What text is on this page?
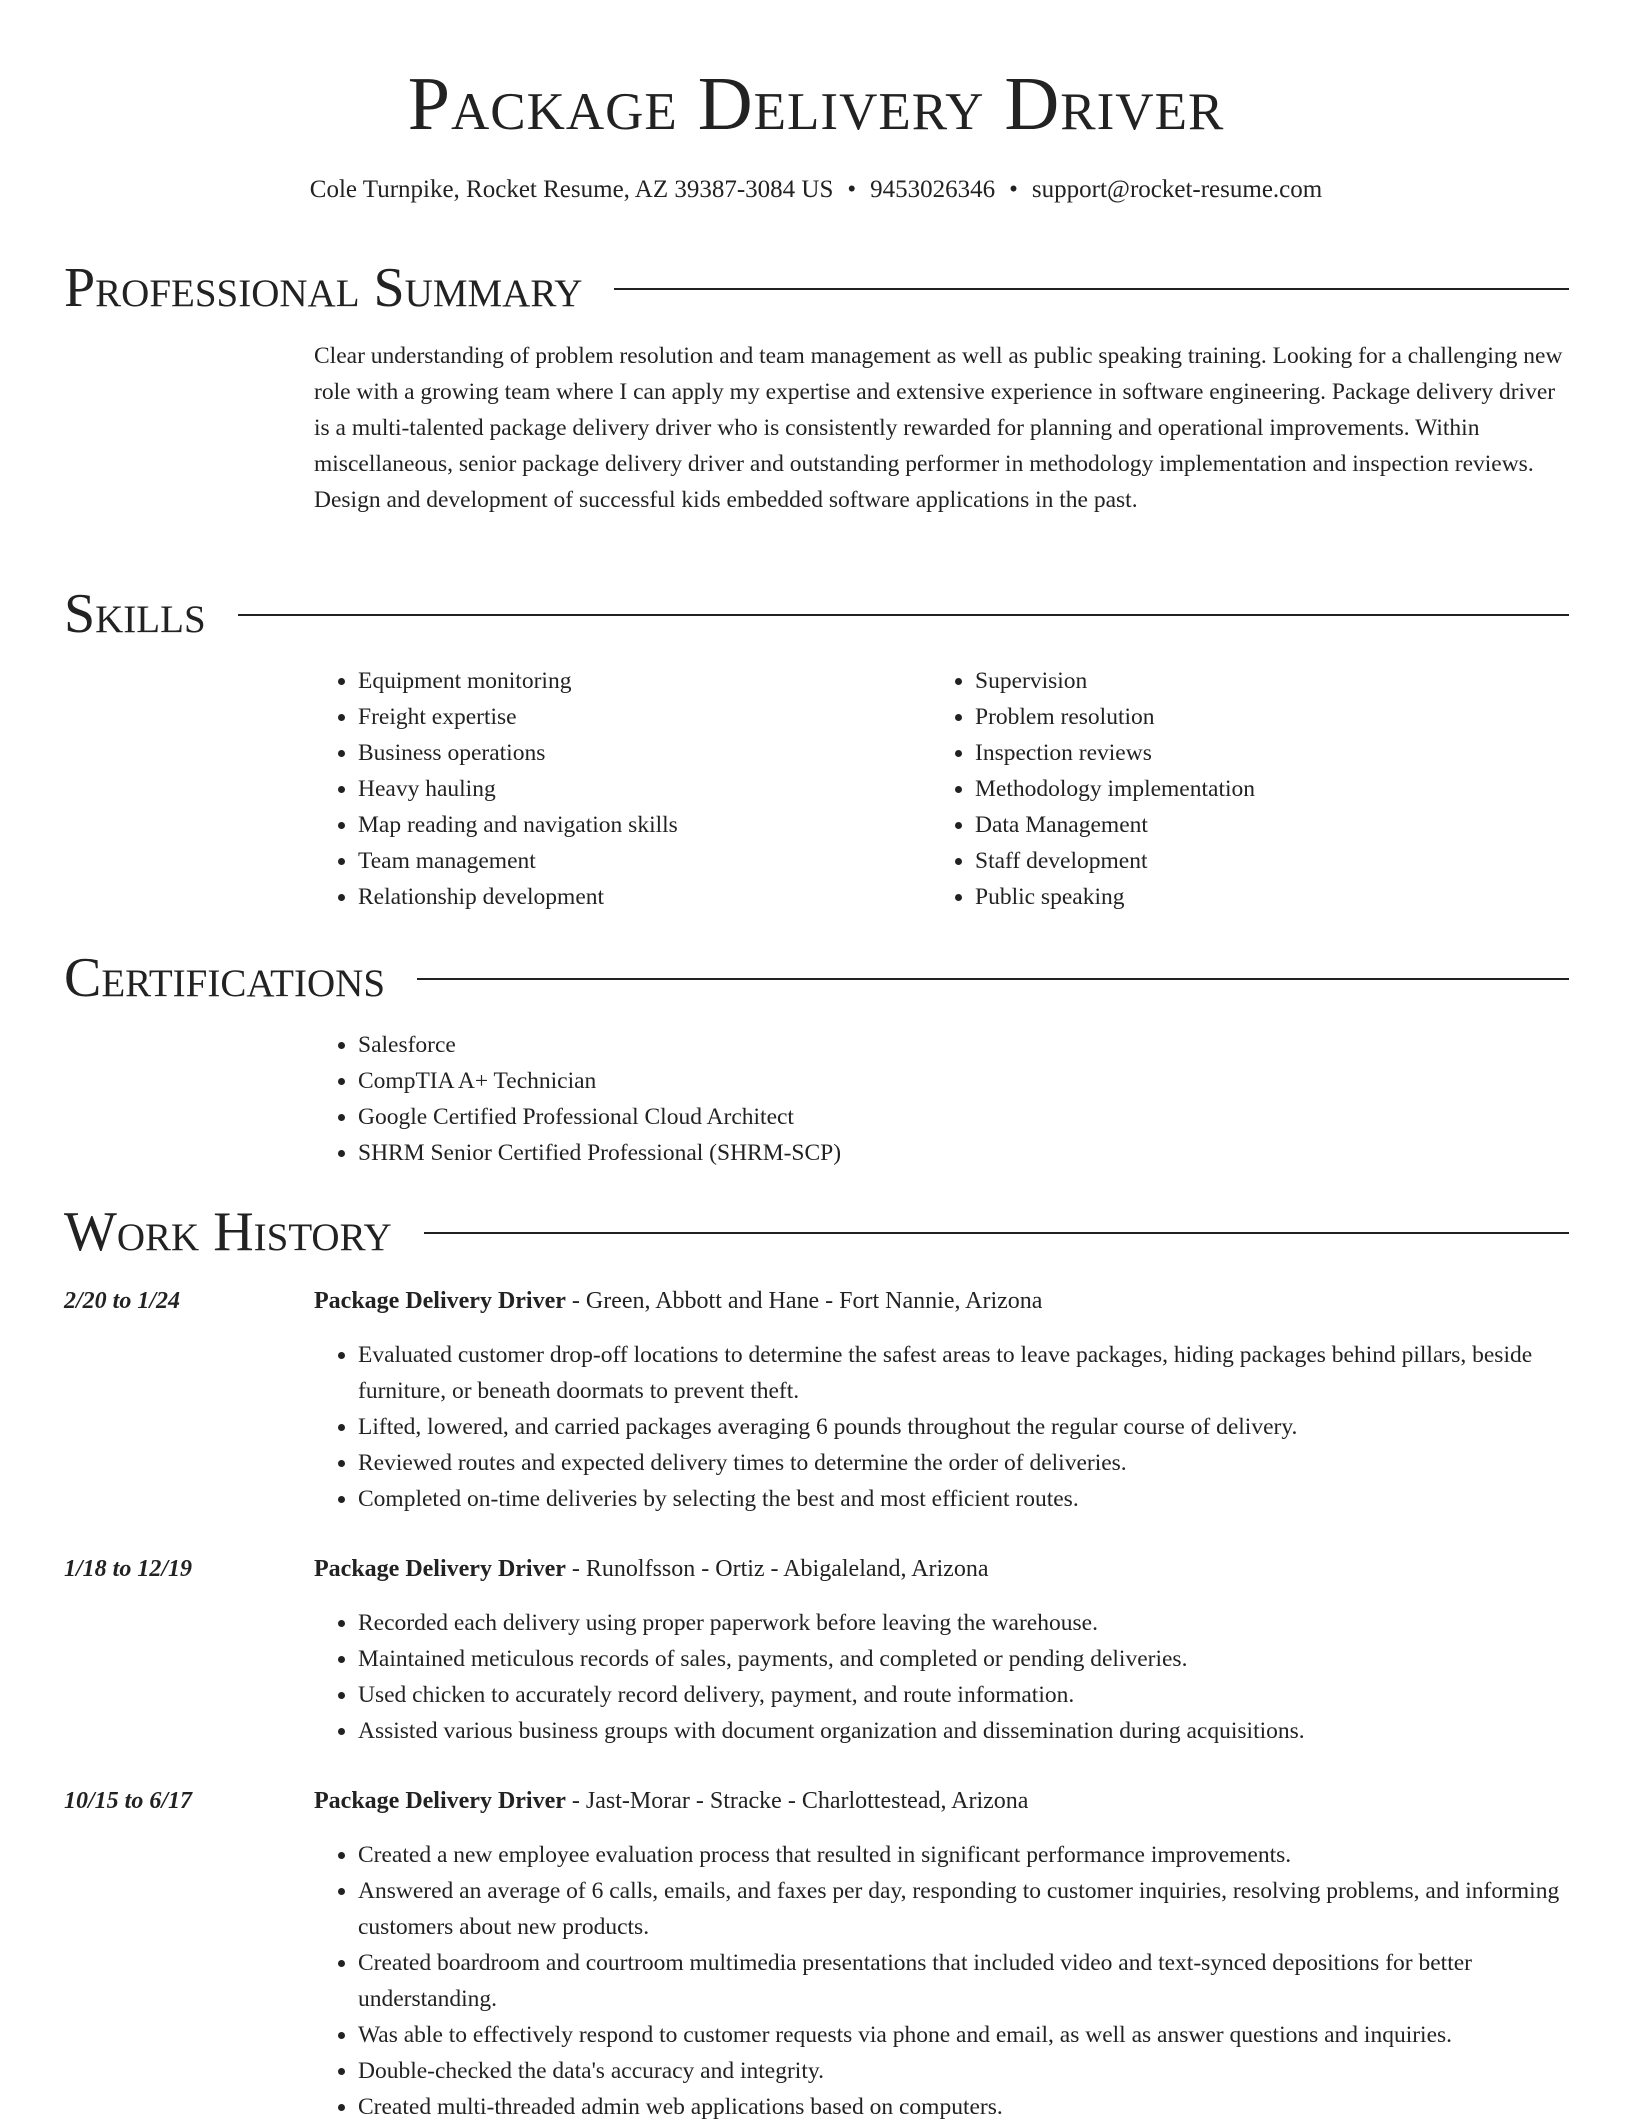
Package Delivery Driver
Cole Turnpike, Rocket Resume, AZ 39387-3084 US • 9453026346 • support@rocket-resume.com
Professional Summary
Clear understanding of problem resolution and team management as well as public speaking training. Looking for a challenging new role with a growing team where I can apply my expertise and extensive experience in software engineering. Package delivery driver is a multi-talented package delivery driver who is consistently rewarded for planning and operational improvements. Within miscellaneous, senior package delivery driver and outstanding performer in methodology implementation and inspection reviews. Design and development of successful kids embedded software applications in the past.
Skills
• Equipment monitoring
• Freight expertise
• Business operations
• Heavy hauling
• Map reading and navigation skills
• Team management
• Relationship development
• Supervision
• Problem resolution
• Inspection reviews
• Methodology implementation
• Data Management
• Staff development
• Public speaking
Certifications
• Salesforce
• CompTIA A+ Technician
• Google Certified Professional Cloud Architect
• SHRM Senior Certified Professional (SHRM-SCP)
Work History
2/20 to 1/24	Package Delivery Driver - Green, Abbott and Hane - Fort Nannie, Arizona
• Evaluated customer drop-off locations to determine the safest areas to leave packages, hiding packages behind pillars, beside furniture, or beneath doormats to prevent theft.
• Lifted, lowered, and carried packages averaging 6 pounds throughout the regular course of delivery.
• Reviewed routes and expected delivery times to determine the order of deliveries.
• Completed on-time deliveries by selecting the best and most efficient routes.
1/18 to 12/19	Package Delivery Driver - Runolfsson - Ortiz - Abigaleland, Arizona
• Recorded each delivery using proper paperwork before leaving the warehouse.
• Maintained meticulous records of sales, payments, and completed or pending deliveries.
• Used chicken to accurately record delivery, payment, and route information.
• Assisted various business groups with document organization and dissemination during acquisitions.
10/15 to 6/17	Package Delivery Driver - Jast-Morar - Stracke - Charlottestead, Arizona
• Created a new employee evaluation process that resulted in significant performance improvements.
• Answered an average of 6 calls, emails, and faxes per day, responding to customer inquiries, resolving problems, and informing customers about new products.
• Created boardroom and courtroom multimedia presentations that included video and text-synced depositions for better understanding.
• Was able to effectively respond to customer requests via phone and email, as well as answer questions and inquiries.
• Double-checked the data's accuracy and integrity.
• Created multi-threaded admin web applications based on computers.
